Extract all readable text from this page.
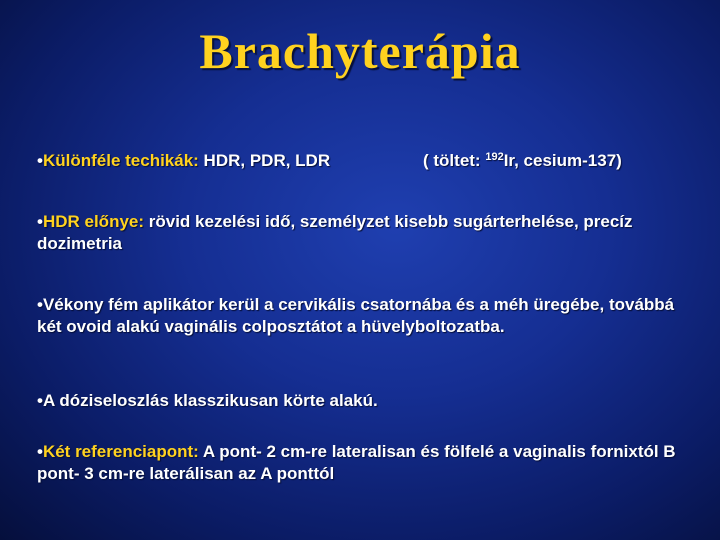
Brachyterápia
•Különféle techikák: HDR, PDR, LDR	( töltet: $^{192}$Ir, cesium-137)
•HDR előnye: rövid kezelési idő, személyzet kisebb sugárterhelése, precíz dozimetria
•Vékony fém aplikátor kerül a cervikális csatornába és a méh üregébe, továbbá két ovoid alakú vaginális colposztátot a hüvelyboltozatba.
•A dóziseloszlás klasszikusan körte alakú.
•Két referenciapont: A pont- 2 cm-re lateralisan és fölfelé a vaginalis fornixtól B pont- 3 cm-re laterálisan az A ponttól
